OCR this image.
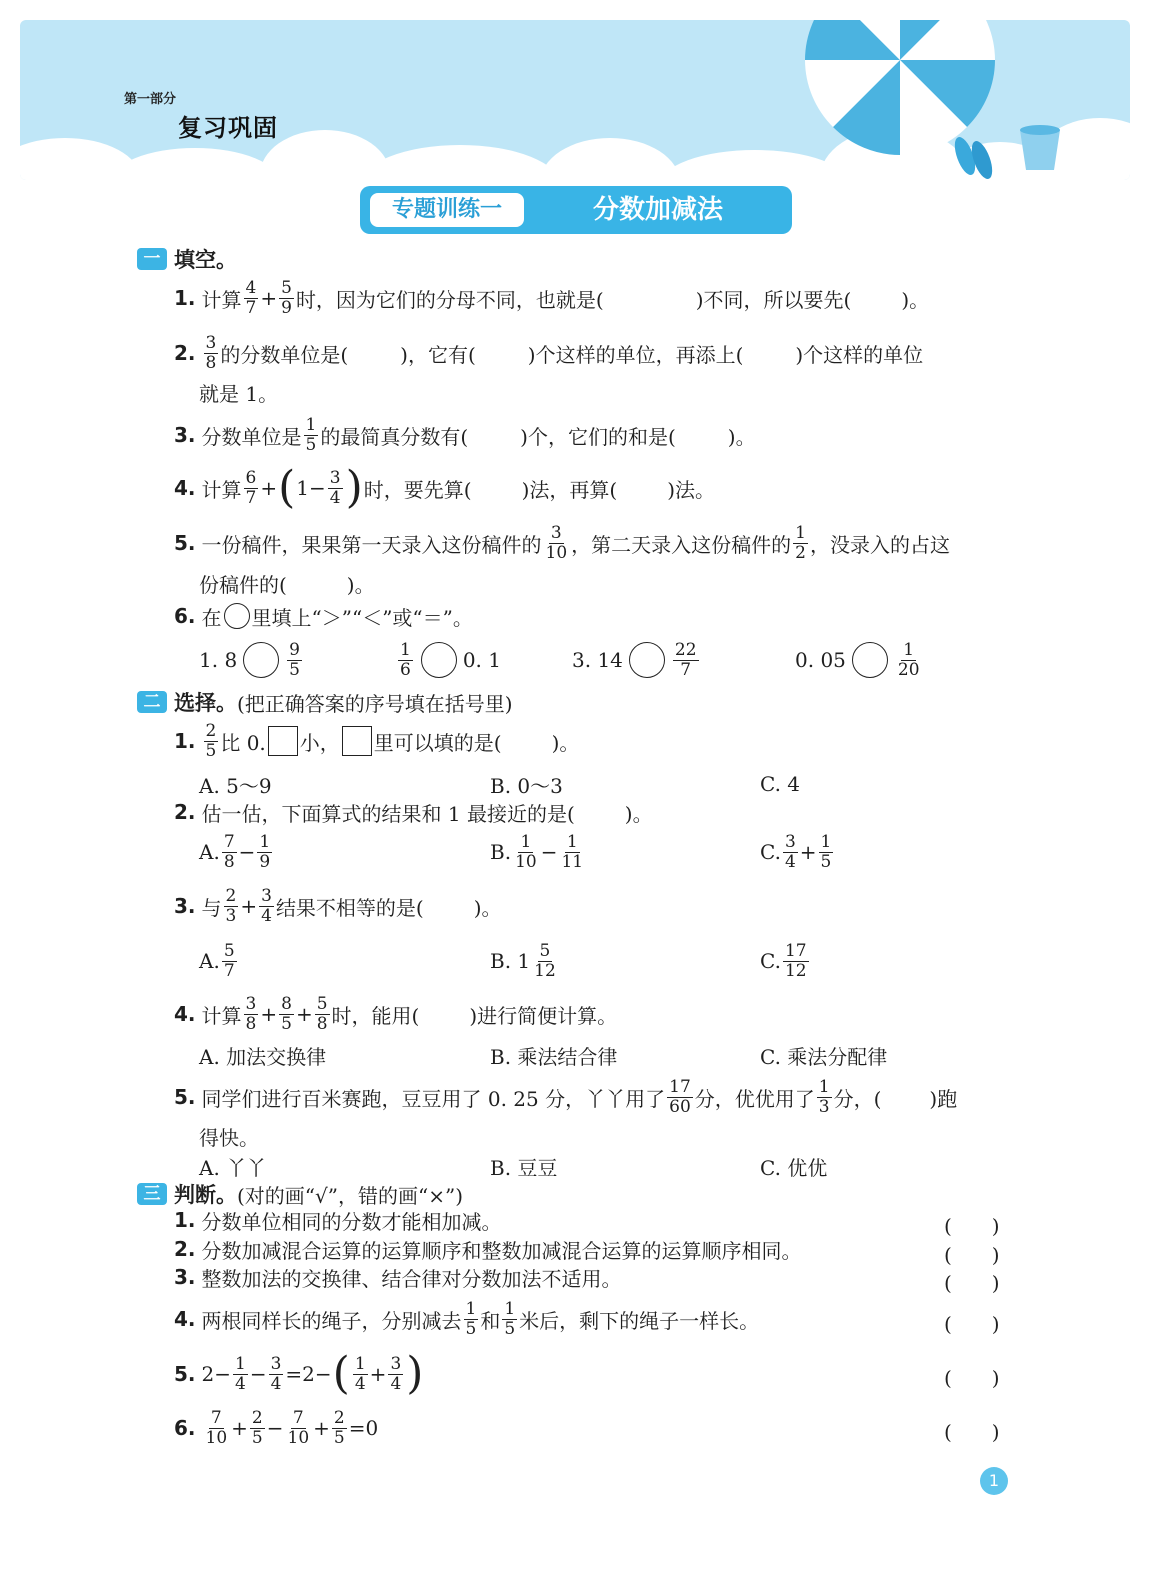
第一部分
复习巩固
专题训练一	分数加减法
一 填空。
1. 计算 $\frac{4}{7} + \frac{5}{9}$ 时，因为它们的分母不同，也就是(	)不同，所以要先(	)。
2. $\frac{3}{8}$ 的分数单位是(	)，它有(	)个这样的单位，再添上(	)个这样的单位
就是 1。
3. 分数单位是 $\frac{1}{5}$ 的最简真分数有(	)个，它们的和是(	)。
4. 计算 $\frac{6}{7}$ + ( $1- \frac{3}{4}$ ) 时，要先算(	)法，再算(	)法。
5. 一份稿件，果果第一天录入这份稿件的 $\frac{3}{10}$ ，第二天录入这份稿件的 $\frac{1}{2}$ ，没录入的占这
份稿件的(　　　)。
6. 在 里填上“＞”“＜”或“＝”。
1. 8	$\frac{9}{5}$	$\frac{1}{6}$	0. 1	3. 14	$\frac{22}{7}$	0. 05	$\frac{1}{20}$
二 选择。 (把正确答案的序号填在括号里)
1. $\frac{2}{5}$ 比 0. 小， 里可以填的是(	)。
A. 5～9	B. 0～3	C. 4
2. 估一估，下面算式的结果和 1 最接近的是(	)。
A. $\frac{7}{8} - \frac{1}{9}$	B. $\frac{1}{10} - \frac{1}{11}$	C. $\frac{3}{4} + \frac{1}{5}$
3. 与 $\frac{2}{3} + \frac{3}{4}$ 结果不相等的是(	)。
A. $\frac{5}{7}$	B. $1 \frac{5}{12}$	C. $\frac{17}{12}$
4. 计算 $\frac{3}{8} + \frac{8}{5} + \frac{5}{8}$ 时，能用(	)进行简便计算。
A. 加法交换律	B. 乘法结合律	C. 乘法分配律
5. 同学们进行百米赛跑，豆豆用了 0. 25 分，丫丫用了 $\frac{17}{60}$ 分，优优用了 $\frac{1}{3}$ 分，( )跑
得快。
A. 丫丫	B. 豆豆	C. 优优
三 判断。 (对的画“√”，错的画“×”)
1. 分数单位相同的分数才能相加减。	(　　)
2. 分数加减混合运算的运算顺序和整数加减混合运算的运算顺序相同。	(　　)
3. 整数加法的交换律、结合律对分数加法不适用。	(　　)
4. 两根同样长的绳子，分别减去 $\frac{1}{5}$ 和 $\frac{1}{5}$ 米后，剩下的绳子一样长。	(　　)
5. $2- \frac{1}{4} - \frac{3}{4} =2-$ ( $\frac{1}{4} + \frac{3}{4}$ )	(　　)
6. $\frac{7}{10} + \frac{2}{5} - \frac{7}{10} + \frac{2}{5} =0$	(　　)
1
